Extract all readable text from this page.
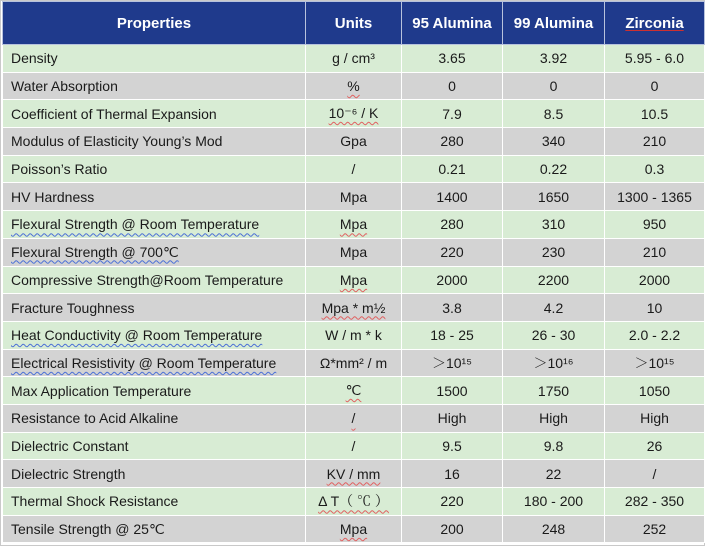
Properties	Units	95 Alumina	99 Alumina	Zirconia
Density	g / cm³	3.65	3.92	5.95 - 6.0
Water Absorption	%	0	0	0
Coefficient of Thermal Expansion	10⁻⁶ / K	7.9	8.5	10.5
Modulus of Elasticity Young’s Mod	Gpa	280	340	210
Poisson’s Ratio	/	0.21	0.22	0.3
HV Hardness	Mpa	1400	1650	1300 - 1365
Flexural Strength @ Room Temperature	Mpa	280	310	950
Flexural Strength @ 700℃	Mpa	220	230	210
Compressive Strength@Room Temperature	Mpa	2000	2200	2000
Fracture Toughness	Mpa * m½	3.8	4.2	10
Heat Conductivity @ Room Temperature	W / m * k	18 - 25	26 - 30	2.0 - 2.2
Electrical Resistivity @ Room Temperature	Ω*mm² / m	＞10¹⁵	＞10¹⁶	＞10¹⁵
Max Application Temperature	℃	1500	1750	1050
Resistance to Acid Alkaline	/	High	High	High
Dielectric Constant	/	9.5	9.8	26
Dielectric Strength	KV / mm	16	22	/
Thermal Shock Resistance	Δ T（ ℃ ）	220	180 - 200	282 - 350
Tensile Strength @ 25℃	Mpa	200	248	252
